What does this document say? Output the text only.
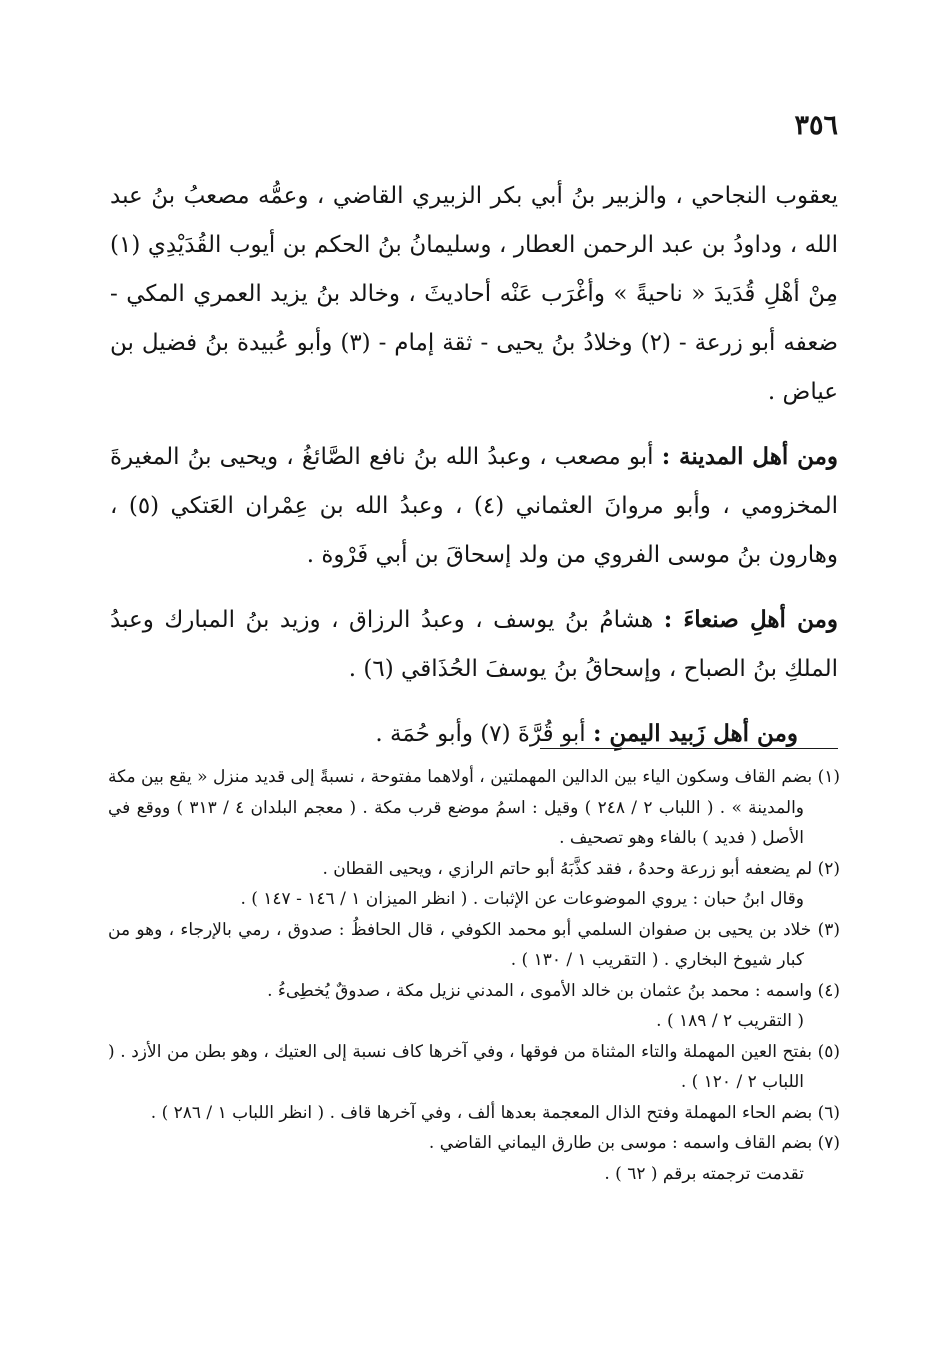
٣٥٦

يعقوب النجاحي ، والزبير بنُ أبي بكر الزبيري القاضي ، وعمُّه مصعبُ بنُ عبد الله ، وداودُ بن عبد الرحمن العطار ، وسليمانُ بنُ الحكم بن أيوب القُدَيْدِي (١) مِنْ أهْلِ قُدَيدَ « ناحيةً » وأغْرَب عَنْه أحاديثَ ، وخالد بنُ يزيد العمري المكي - ضعفه أبو زرعة - (٢) وخلادُ بنُ يحيى - ثقة إمام - (٣) وأبو عُبيدة بنُ فضيل بن عياض .

ومن أهل المدينة : أبو مصعب ، وعبدُ الله بنُ نافع الصَّائغُ ، ويحيى بنُ المغيرةَ المخزومي ، وأبو مروانَ العثماني (٤) ، وعبدُ الله بن عِمْران العَتكي (٥) ، وهارون بنُ موسى الفروي من ولد إسحاقَ بن أبي فَرْوة .

ومن أهلِ صنعاءَ : هشامُ بنُ يوسف ، وعبدُ الرزاق ، وزيد بنُ المبارك وعبدُ الملكِ بنُ الصباح ، وإسحاقُ بنُ يوسفَ الحُذَاقي (٦) .

ومن أهل زَبيد اليمنِ : أبو قُرَّةَ (٧) وأبو حُمَة .

(١) بضم القاف وسكون الياء بين الدالين المهملتين ، أولاهما مفتوحة ، نسبةً إلى قديد منزل « يقع بين مكة والمدينة » . ( اللباب ٢ / ٢٤٨ ) وقيل : اسمُ موضع قرب مكة . ( معجم البلدان ٤ / ٣١٣ ) ووقع في الأصل ( فديد ) بالفاء وهو تصحيف .

(٢) لم يضعفه أبو زرعة وحدهُ ، فقد كذَّبَهُ أبو حاتم الرازي ، ويحيى القطان .

وقال ابنُ حبان : يروي الموضوعات عن الإثبات . ( انظر الميزان ١ / ١٤٦ - ١٤٧ ) .

(٣) خلاد بن يحيى بن صفوان السلمي أبو محمد الكوفي ، قال الحافظُ : صدوق ، رمي بالإرجاء ، وهو من كبار شيوخ البخاري . ( التقريب ١ / ١٣٠ ) .

(٤) واسمه : محمد بنُ عثمان بن خالد الأموى ، المدني نزيل مكة ، صدوقٌ يُخطِىءُ .

( التقريب ٢ / ١٨٩ ) .

(٥) بفتح العين المهملة والتاء المثناة من فوقها ، وفي آخرها كاف نسبة إلى العتيك ، وهو بطن من الأزد . ( اللباب ٢ / ١٢٠ ) .

(٦) بضم الحاء المهملة وفتح الذال المعجمة بعدها ألف ، وفي آخرها قاف . ( انظر اللباب ١ / ٢٨٦ ) .

(٧) بضم القاف واسمه : موسى بن طارق اليماني القاضي .

تقدمت ترجمته برقم ( ٦٢ ) .
